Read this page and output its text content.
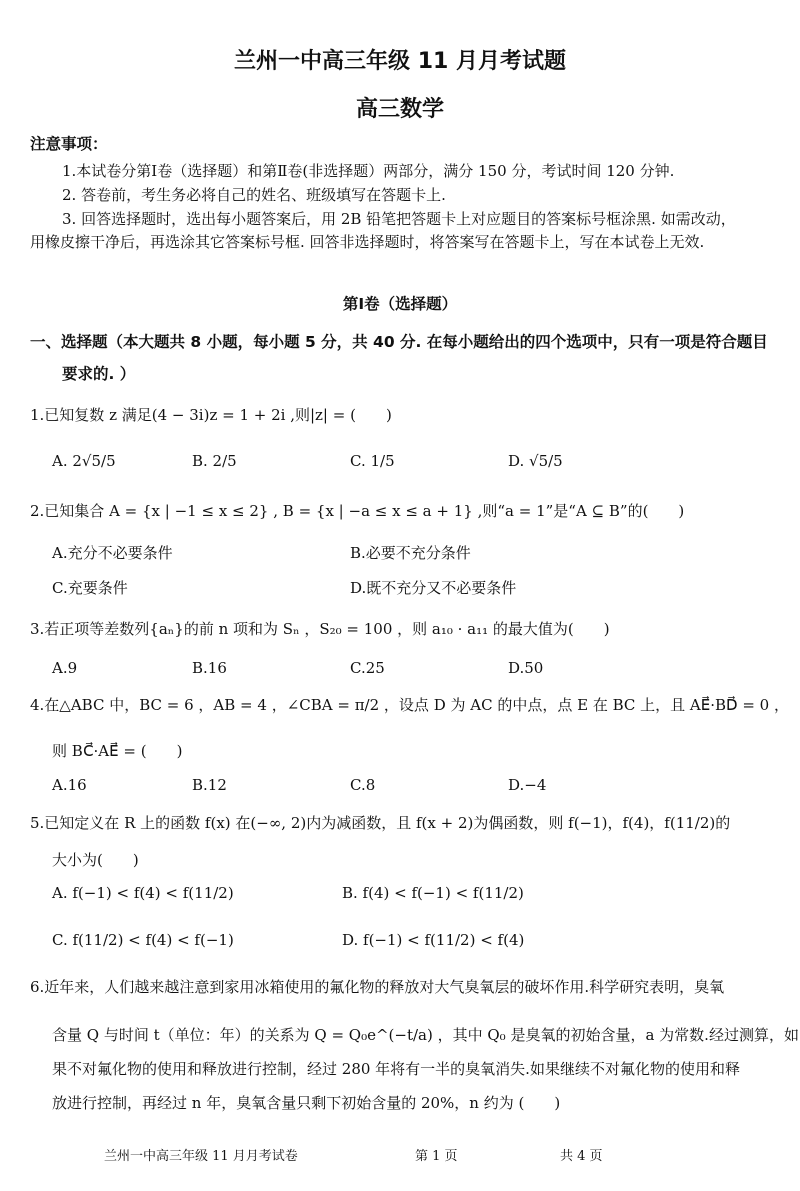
兰州一中高三年级 11 月月考试题
高三数学
注意事项：
1.本试卷分第Ⅰ卷（选择题）和第Ⅱ卷(非选择题）两部分，满分 150 分，考试时间 120 分钟.
2. 答卷前，考生务必将自己的姓名、班级填写在答题卡上.
3. 回答选择题时，选出每小题答案后，用 2B 铅笔把答题卡上对应题目的答案标号框涂黑. 如需改动，
用橡皮擦干净后，再选涂其它答案标号框. 回答非选择题时，将答案写在答题卡上，写在本试卷上无效.
第Ⅰ卷（选择题）
一、选择题（本大题共 8 小题，每小题 5 分，共 40 分. 在每小题给出的四个选项中，只有一项是符合题目
要求的. ）
1.已知复数 z 满足(4 − 3i)z = 1 + 2i ,则|z| = (　　)
A. 2√5/5	B. 2/5	C. 1/5	D. √5/5
2.已知集合 A = {x | −1 ≤ x ≤ 2} , B = {x | −a ≤ x ≤ a + 1} ,则“a = 1”是“A ⊆ B”的(　　)
A.充分不必要条件	B.必要不充分条件
C.充要条件	D.既不充分又不必要条件
3.若正项等差数列{aₙ}的前 n 项和为 Sₙ ，S₂₀ = 100 ，则 a₁₀ · a₁₁ 的最大值为(　　)
A.9	B.16	C.25	D.50
4.在△ABC 中，BC = 6 ，AB = 4 ，∠CBA = π/2 ，设点 D 为 AC 的中点，点 E 在 BC 上，且 AE⃗·BD⃗ = 0 ，
则 BC⃗·AE⃗ = (　　)
A.16	B.12	C.8	D.−4
5.已知定义在 R 上的函数 f(x) 在(−∞, 2)内为减函数，且 f(x + 2)为偶函数，则 f(−1)，f(4)，f(11/2)的
大小为(　　)
A. f(−1) < f(4) < f(11/2)	B. f(4) < f(−1) < f(11/2)
C. f(11/2) < f(4) < f(−1)	D. f(−1) < f(11/2) < f(4)
6.近年来，人们越来越注意到家用冰箱使用的氟化物的释放对大气臭氧层的破坏作用.科学研究表明，臭氧
含量 Q 与时间 t（单位：年）的关系为 Q = Q₀e^(−t/a) ，其中 Q₀ 是臭氧的初始含量，a 为常数.经过测算，如
果不对氟化物的使用和释放进行控制，经过 280 年将有一半的臭氧消失.如果继续不对氟化物的使用和释
放进行控制，再经过 n 年，臭氧含量只剩下初始含量的 20%，n 约为 (　　)
兰州一中高三年级 11 月月考试卷	第 1 页	共 4 页
